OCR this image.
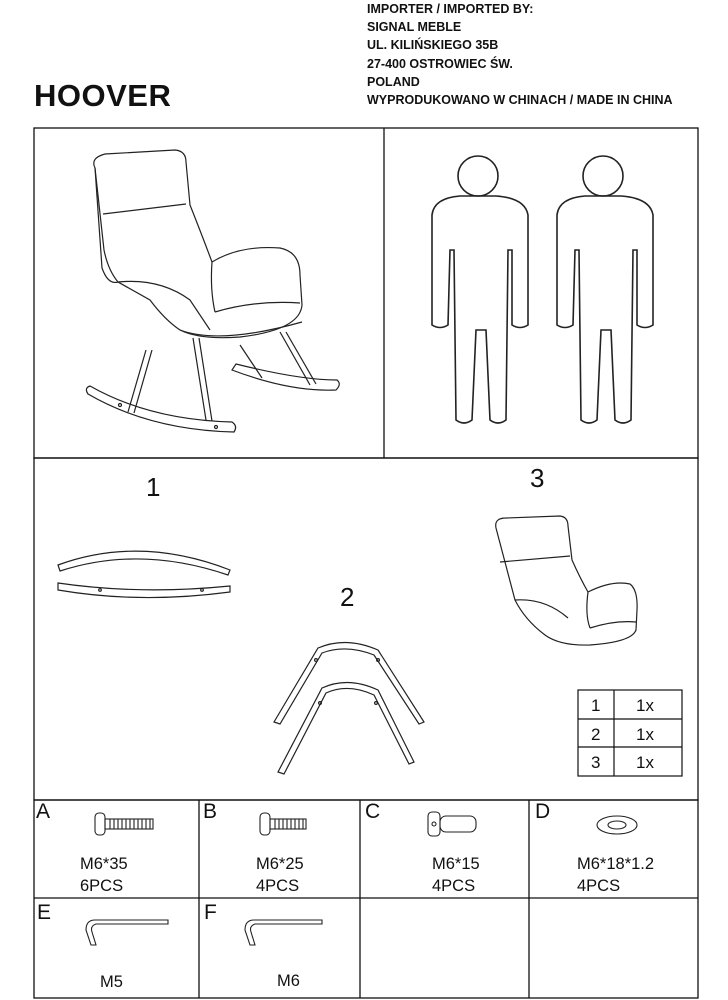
HOOVER
IMPORTER / IMPORTED BY:
SIGNAL MEBLE
UL. KILIŃSKIEGO 35B
27-400 OSTROWIEC ŚW.
POLAND
WYPRODUKOWANO W CHINACH / MADE IN CHINA
1
2
3
1 1x
2 1x
3 1x
A
M6*35
6PCS
B
M6*25
4PCS
C
M6*15
4PCS
D
M6*18*1.2
4PCS
E
M5
F
M6
